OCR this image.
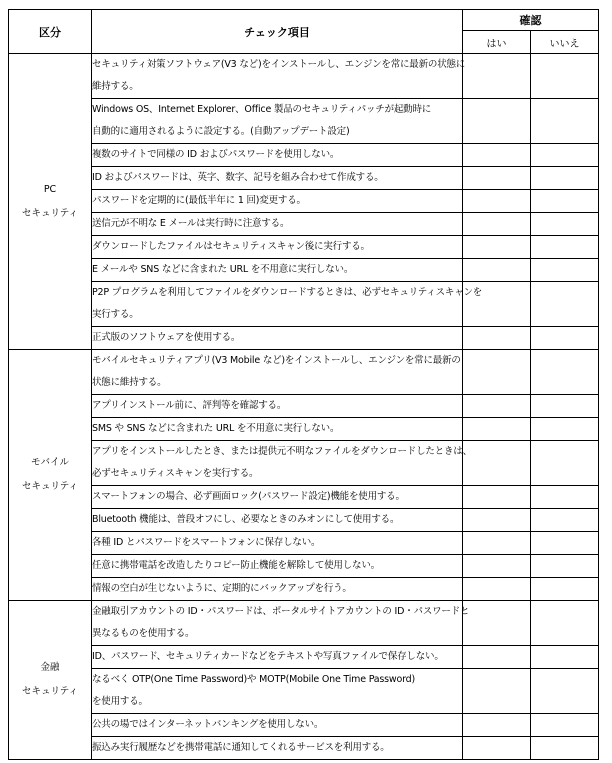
区分	チェック項目	確認	
		はい	いいえ

PC
セキュリティ	セキュリティ対策ソフトウェア(V3 など)をインストールし、エンジンを常に最新の状態に
維持する。		

	Windows OS、Internet Explorer、Office 製品のセキュリティパッチが起動時に
自動的に適用されるように設定する。(自動アップデート設定)		

	複数のサイトで同様の ID およびパスワードを使用しない。		

	ID およびパスワードは、英字、数字、記号を組み合わせて作成する。		

	パスワードを定期的に(最低半年に 1 回)変更する。		

	送信元が不明な E メールは実行時に注意する。		

	ダウンロードしたファイルはセキュリティスキャン後に実行する。		

	E メールや SNS などに含まれた URL を不用意に実行しない。		

	P2P プログラムを利用してファイルをダウンロードするときは、必ずセキュリティスキャンを
実行する。		

	正式版のソフトウェアを使用する。		

モバイル
セキュリティ	モバイルセキュリティアプリ(V3 Mobile など)をインストールし、エンジンを常に最新の
状態に維持する。		

	アプリインストール前に、評判等を確認する。		

	SMS や SNS などに含まれた URL を不用意に実行しない。		

	アプリをインストールしたとき、または提供元不明なファイルをダウンロードしたときは、
必ずセキュリティスキャンを実行する。		

	スマートフォンの場合、必ず画面ロック(パスワード設定)機能を使用する。		

	Bluetooth 機能は、普段オフにし、必要なときのみオンにして使用する。		

	各種 ID とパスワードをスマートフォンに保存しない。		

	任意に携帯電話を改造したりコピー防止機能を解除して使用しない。		

	情報の空白が生じないように、定期的にバックアップを行う。		

金融
セキュリティ	金融取引アカウントの ID・パスワードは、ポータルサイトアカウントの ID・パスワードと
異なるものを使用する。		

	ID、パスワード、セキュリティカードなどをテキストや写真ファイルで保存しない。		

	なるべく OTP(One Time Password)や MOTP(Mobile One Time Password)
を使用する。		

	公共の場ではインターネットバンキングを使用しない。		

	振込み実行履歴などを携帯電話に通知してくれるサービスを利用する。		
